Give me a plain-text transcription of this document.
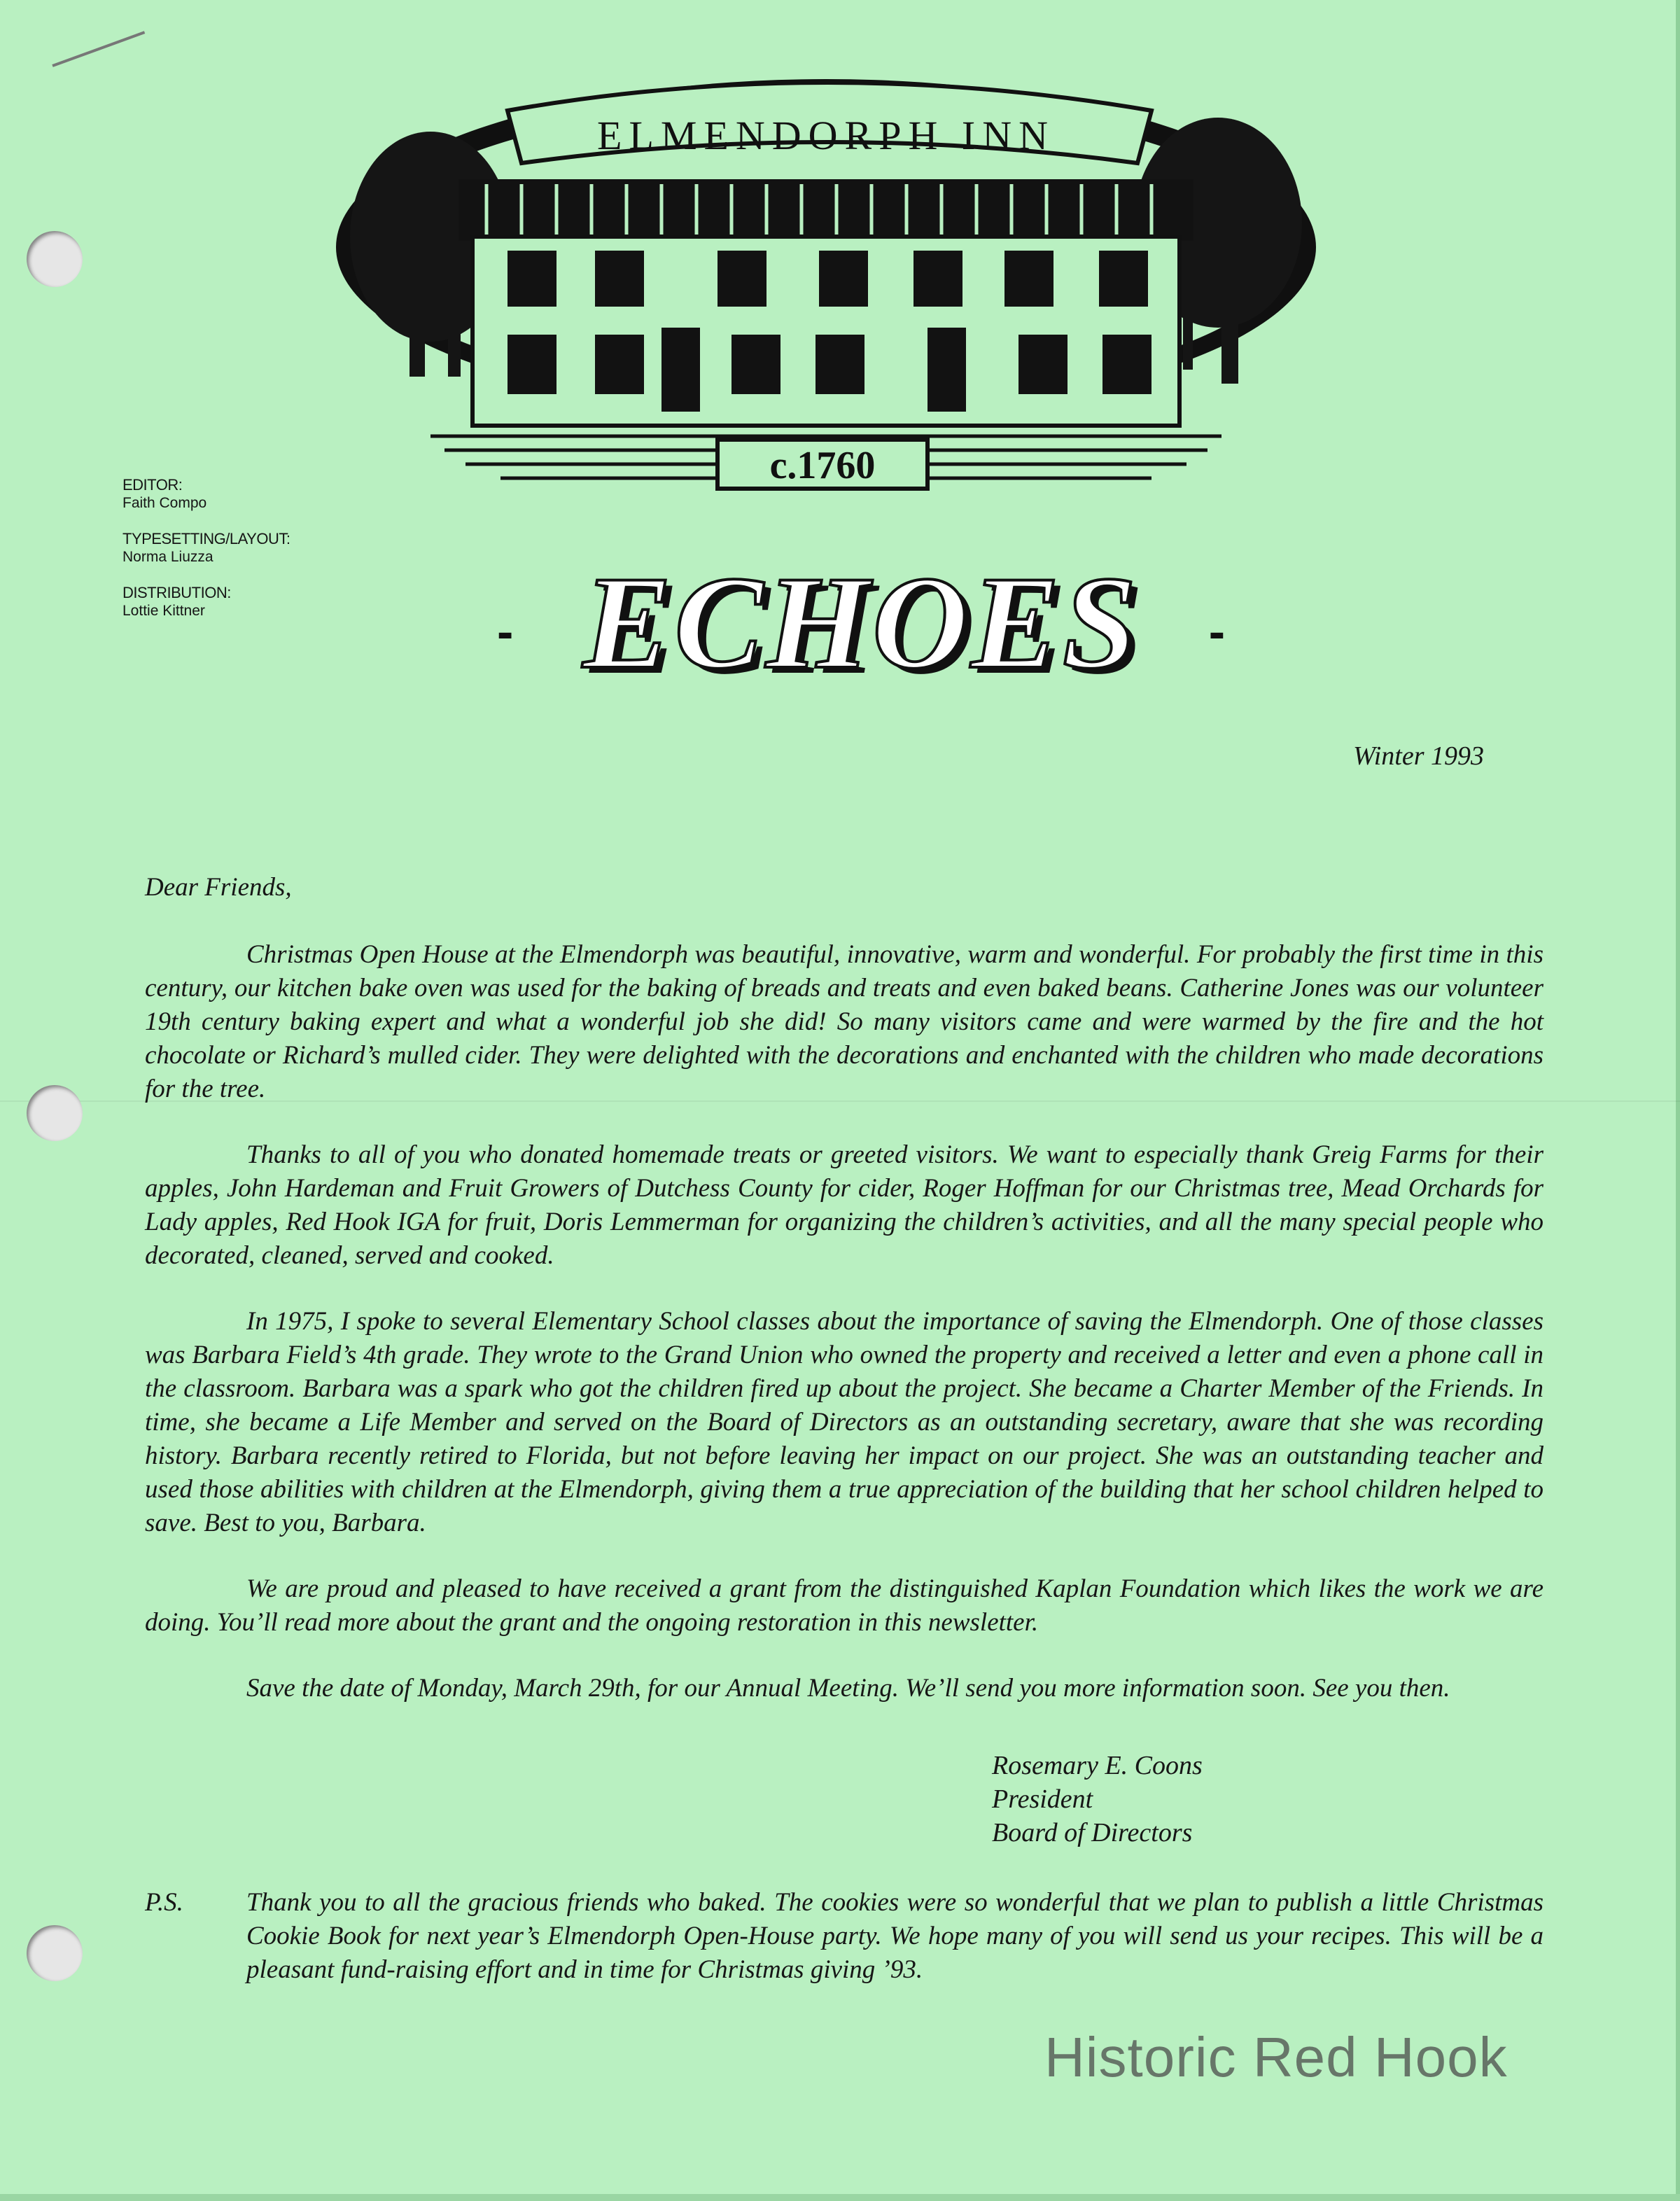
ELMENDORPH INN
c.1760
EDITOR:
Faith Compo
TYPESETTING/LAYOUT:
Norma Liuzza
DISTRIBUTION:
Lottie Kittner	- ECHOES -
Winter 1993

Dear Friends,

Christmas Open House at the Elmendorph was beautiful, innovative, warm and wonderful. For probably the first time in this century, our kitchen bake oven was used for the baking of breads and treats and even baked beans. Catherine Jones was our volunteer 19th century baking expert and what a wonderful job she did! So many visitors came and were warmed by the fire and the hot chocolate or Richard’s mulled cider. They were delighted with the decorations and enchanted with the children who made decorations for the tree.

Thanks to all of you who donated homemade treats or greeted visitors. We want to especially thank Greig Farms for their apples, John Hardeman and Fruit Growers of Dutchess County for cider, Roger Hoffman for our Christmas tree, Mead Orchards for Lady apples, Red Hook IGA for fruit, Doris Lemmerman for organizing the children’s activities, and all the many special people who decorated, cleaned, served and cooked.

In 1975, I spoke to several Elementary School classes about the importance of saving the Elmendorph. One of those classes was Barbara Field’s 4th grade. They wrote to the Grand Union who owned the property and received a letter and even a phone call in the classroom. Barbara was a spark who got the children fired up about the project. She became a Charter Member of the Friends. In time, she became a Life Member and served on the Board of Directors as an outstanding secretary, aware that she was recording history. Barbara recently retired to Florida, but not before leaving her impact on our project. She was an outstanding teacher and used those abilities with children at the Elmendorph, giving them a true appreciation of the building that her school children helped to save. Best to you, Barbara.

We are proud and pleased to have received a grant from the distinguished Kaplan Foundation which likes the work we are doing. You’ll read more about the grant and the ongoing restoration in this newsletter.

Save the date of Monday, March 29th, for our Annual Meeting. We’ll send you more information soon. See you then.

Rosemary E. Coons
President
Board of Directors
P.S.	Thank you to all the gracious friends who baked. The cookies were so wonderful that we plan to publish a little Christmas Cookie Book for next year’s Elmendorph Open-House party. We hope many of you will send us your recipes. This will be a pleasant fund-raising effort and in time for Christmas giving ’93.
Historic Red Hook
